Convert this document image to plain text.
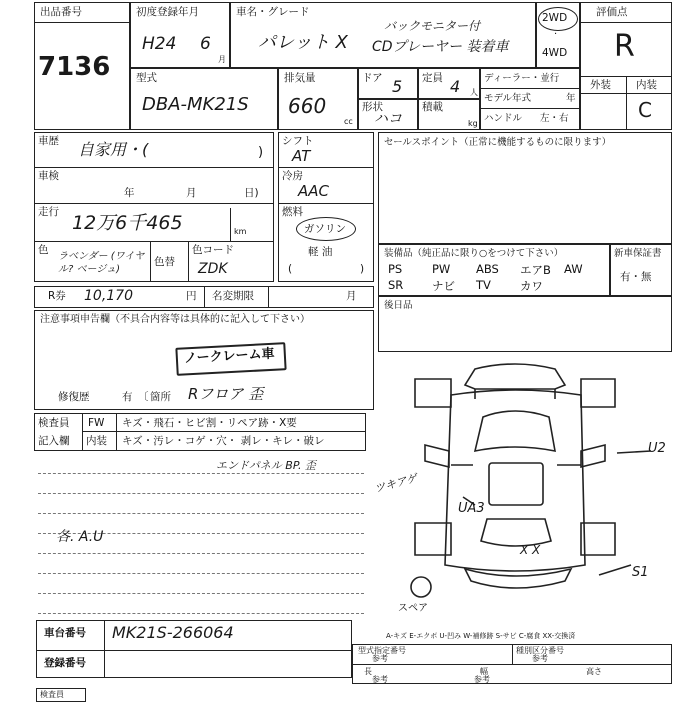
出品番号
7136
初度登録年月
H24 6
月
車名・グレード
パレット X
バックモニター付
CDプレーヤー 装着車
2WD
·
4WD
評価点
R
外装 内装
C
型式
DBA-MK21S
排気量
660
cc
ドア 5 定員 4 人
形状
ハコ
積載
kg
ディーラー・並行
モデル年式	年
ハンドル 左・右
車歴 自家用・(	)
車検
年	月	日)
走行 12万6千465	km
色
ラベンダー (ワイヤル? ベージュ)
色替
色コード
ZDK
シフト
AT
冷房
AAC
燃料
ガソリン
軽 油
(	)
セールスポイント（正常に機能するものに限ります）
装備品（純正品に限り○をつけて下さい）
PS	PW ABS エアB AW
SR ナビ TV	カワ
新車保証書
有・無
R券 10,170	円 名変期限	月
後日品
注意事項申告欄（不具合内容等は具体的に記入して下さい）
ノークレーム車
修復歴	有 〔 箇所 Rフロア 歪
検査員
記入欄
FW キズ・飛石・ヒビ割・リペア跡・X要
内装 キズ・汚レ・コゲ・穴・ 剥レ・キレ・破レ
エンドパネル BP. 歪
各. A.U
U2
ツキアゲ
UA3
X X
S1
スペア
車台番号 MK21S-266064
登録番号
A-キズ E-エクボ U-凹み W-補修跡 S-サビ C-腐食 XX-交換済
型式指定番号
参考
種別区分番号
参考
長
参考
幅	高さ
参考
検査員
